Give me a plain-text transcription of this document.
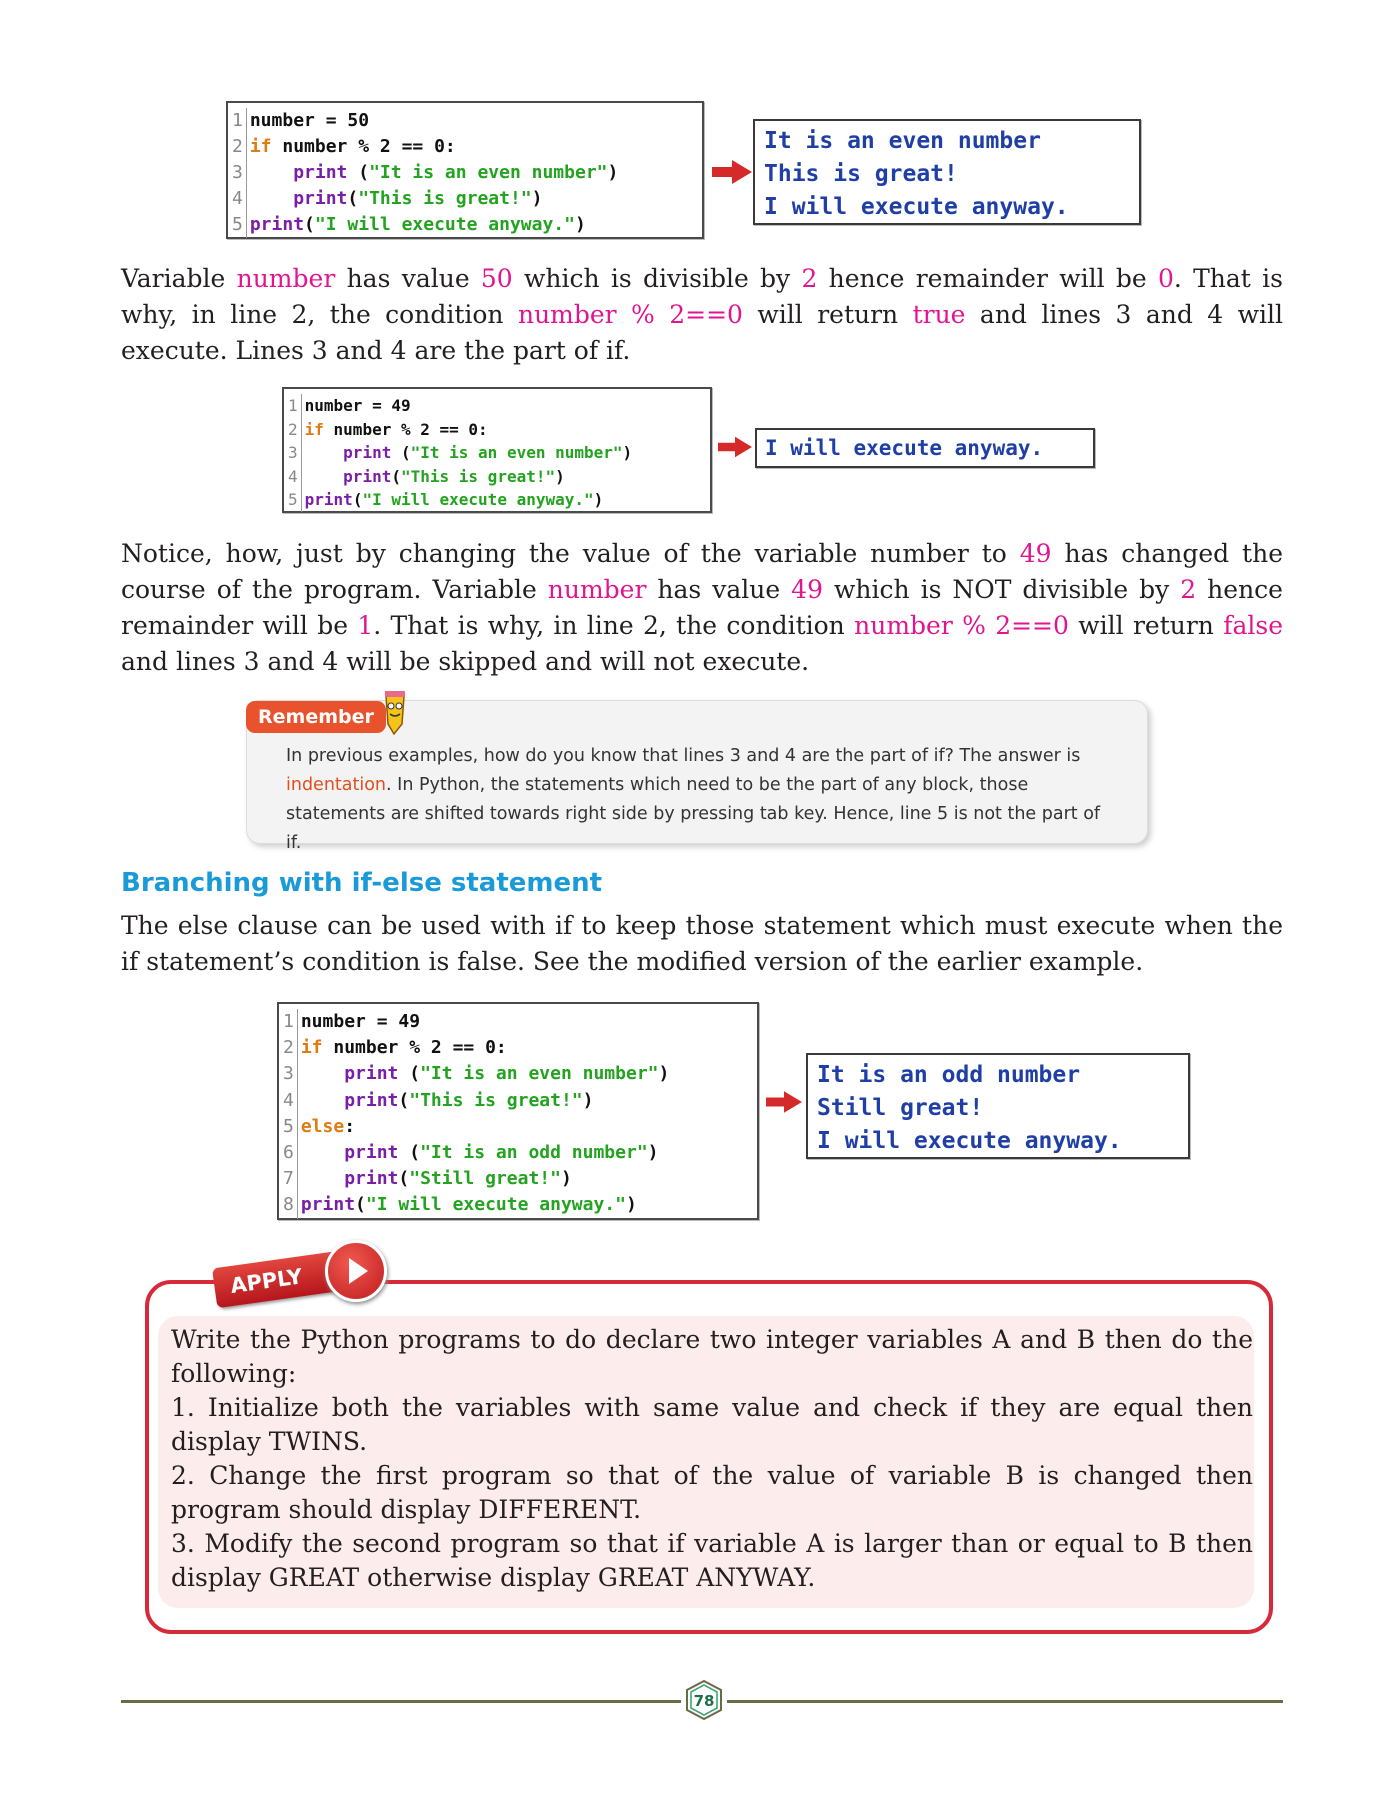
1 number = 50
2 if number % 2 == 0:
3
	print ( "It is an even number" )
4
	print ( "This is great!" )
5 print ( "I will execute anyway." )
It is an even number
This is great!
I will execute anyway.
Variable number has value 50 which is divisible by 2 hence remainder will be 0. That is why, in line 2, the condition number % 2==0 will return true and lines 3 and 4 will execute. Lines 3 and 4 are the part of if.
1 number = 49
2 if number % 2 == 0:
3
	print ( "It is an even number" )
4
	print ( "This is great!" )
5 print ( "I will execute anyway." )
I will execute anyway.
Notice, how, just by changing the value of the variable number to 49 has changed the course of the program. Variable number has value 49 which is NOT divisible by 2 hence remainder will be 1. That is why, in line 2, the condition number % 2==0 will return false and lines 3 and 4 will be skipped and will not execute.
Remember
In previous examples, how do you know that lines 3 and 4 are the part of if? The answer is indentation. In Python, the statements which need to be the part of any block, those statements are shifted towards right side by pressing tab key. Hence, line 5 is not the part of if.
Branching with if-else statement
The else clause can be used with if to keep those statement which must execute when the if statement’s condition is false. See the modified version of the earlier example.
1 number = 49
2 if number % 2 == 0:
3
	print ( "It is an even number" )
4
	print ( "This is great!" )
5 else :
6
	print ( "It is an odd number" )
7
	print ( "Still great!" )
8 print ( "I will execute anyway." )
It is an odd number
Still great!
I will execute anyway.
APPLY

Write the Python programs to do declare two integer variables A and B then do the following:

1. Initialize both the variables with same value and check if they are equal then display TWINS.

2. Change the first program so that of the value of variable B is changed then program should display DIFFERENT.

3. Modify the second program so that if variable A is larger than or equal to B then display GREAT otherwise display GREAT ANYWAY.

78
